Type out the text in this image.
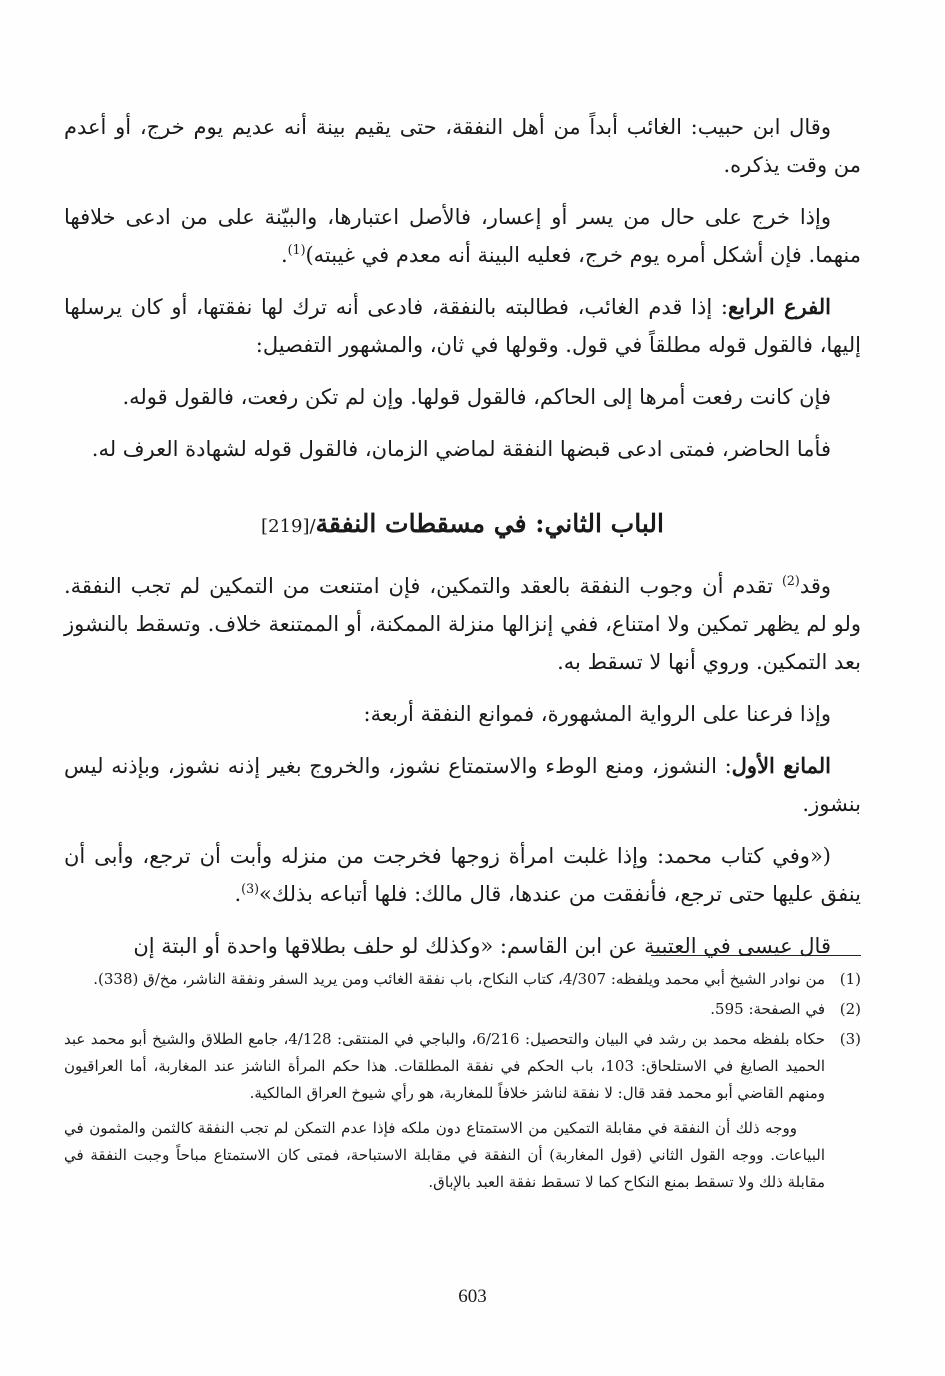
وقال ابن حبيب: الغائب أبداً من أهل النفقة، حتى يقيم بينة أنه عديم يوم خرج، أو أعدم من وقت يذكره.

وإذا خرج على حال من يسر أو إعسار، فالأصل اعتبارها، والبيّنة على من ادعى خلافها منهما. فإن أشكل أمره يوم خرج، فعليه البينة أنه معدم في غيبته)$^{(1)}$.

الفرع الرابع: إذا قدم الغائب، فطالبته بالنفقة، فادعى أنه ترك لها نفقتها، أو كان يرسلها إليها، فالقول قوله مطلقاً في قول. وقولها في ثان، والمشهور التفصيل:

فإن كانت رفعت أمرها إلى الحاكم، فالقول قولها. وإن لم تكن رفعت، فالقول قوله.

فأما الحاضر، فمتى ادعى قبضها النفقة لماضي الزمان، فالقول قوله لشهادة العرف له.

الباب الثاني: في مسقطات النفقة/[219]

وقد$^{(2)}$ تقدم أن وجوب النفقة بالعقد والتمكين، فإن امتنعت من التمكين لم تجب النفقة. ولو لم يظهر تمكين ولا امتناع، ففي إنزالها منزلة الممكنة، أو الممتنعة خلاف. وتسقط بالنشوز بعد التمكين. وروي أنها لا تسقط به.

وإذا فرعنا على الرواية المشهورة، فموانع النفقة أربعة:

المانع الأول: النشوز، ومنع الوطء والاستمتاع نشوز، والخروج بغير إذنه نشوز، وبإذنه ليس بنشوز.

(«وفي كتاب محمد: وإذا غلبت امرأة زوجها فخرجت من منزله وأبت أن ترجع، وأبى أن ينفق عليها حتى ترجع، فأنفقت من عندها، قال مالك: فلها أتباعه بذلك»$^{(3)}$.

قال عيسى في العتبية عن ابن القاسم: «وكذلك لو حلف بطلاقها واحدة أو البتة إن

(1)
من نوادر الشيخ أبي محمد ويلفظه: 4/307، كتاب النكاح، باب نفقة الغائب ومن يريد السفر ونفقة الناشر، مخ/ق (338).
(2)
في الصفحة: 595.
(3)
حكاه بلفظه محمد بن رشد في البيان والتحصيل: 6/216، والباجي في المنتقى: 4/128، جامع الطلاق والشيخ أبو محمد عبد الحميد الصايغ في الاستلحاق: 103، باب الحكم في نفقة المطلقات. هذا حكم المرأة الناشز عند المغاربة، أما العراقيون ومنهم القاضي أبو محمد فقد قال: لا نفقة لناشز خلافاً للمغاربة، هو رأي شيوخ العراق المالكية.
ووجه ذلك أن النفقة في مقابلة التمكين من الاستمتاع دون ملكه فإذا عدم التمكن لم تجب النفقة كالثمن والمثمون في البياعات. ووجه القول الثاني (قول المغاربة) أن النفقة في مقابلة الاستباحة، فمتى كان الاستمتاع مباحاً وجبت النفقة في مقابلة ذلك ولا تسقط بمنع النكاح كما لا تسقط نفقة العبد بالإباق.
603
